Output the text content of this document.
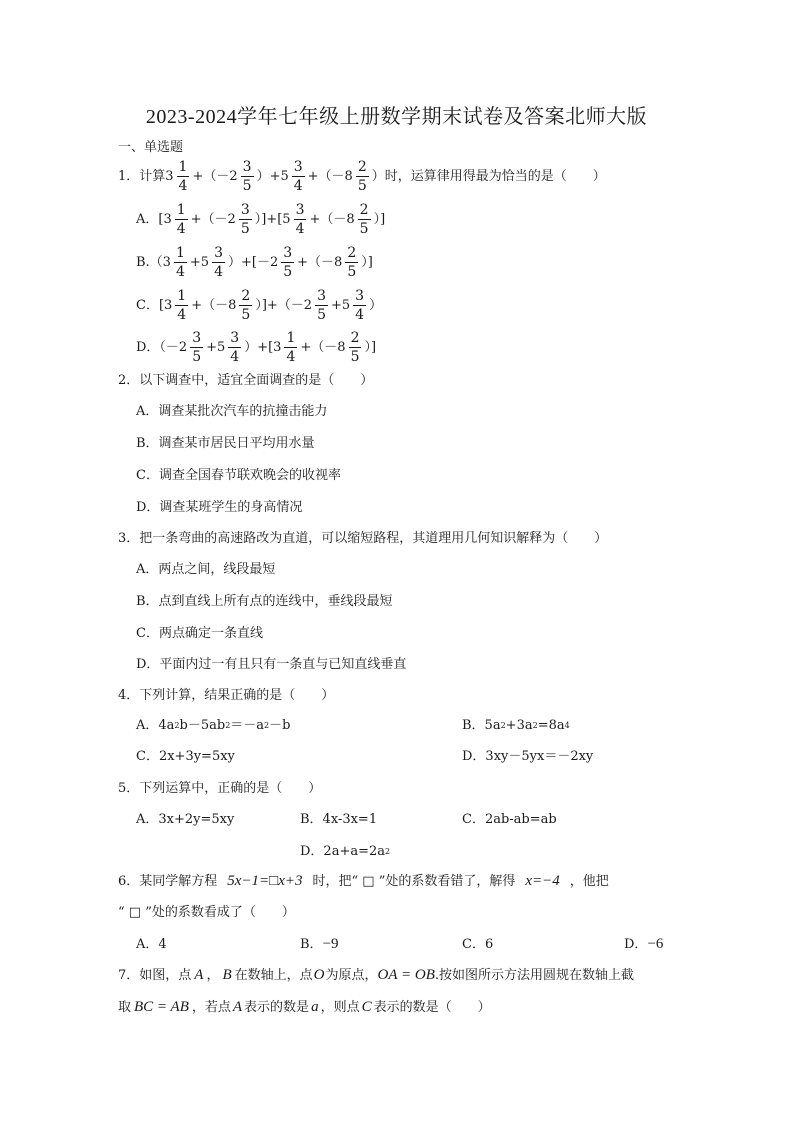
2023-2024学年七年级上册数学期末试卷及答案北师大版
一、单选题
1．计算3
1
4
+（－2
3
5
）+5
3
4
+（－8
2
5
）时，运算律用得最为恰当的是（　　）
A．[3
1
4
+（－2
3
5
）]+[5
3
4
+（－8
2
5
）]
B.（3
1
4
+5
3
4
）+[－2
3
5
+（－8
2
5
）]
C．[3
1
4
+（－8
2
5
）]+（－2
3
5
+5
3
4
）
D．（－2
3
5
+5
3
4
）+[3
1
4
+（－8
2
5
）]
2．以下调查中，适宜全面调查的是（　　）
A．调查某批次汽车的抗撞击能力
B．调查某市居民日平均用水量
C．调查全国春节联欢晚会的收视率
D．调查某班学生的身高情况
3．把一条弯曲的高速路改为直道，可以缩短路程，其道理用几何知识解释为（　　）
A．两点之间，线段最短
B．点到直线上所有点的连线中，垂线段最短
C．两点确定一条直线
D．平面内过一有且只有一条直与已知直线垂直
4．下列计算，结果正确的是（　　）
A．4a 2 b－5ab 2 ＝－a 2 －b	B．5a 2 +3a 2 =8a 4
C．2x+3y=5xy	D．3xy－5yx＝－2xy
5．下列运算中，正确的是（　　）
A．3x+2y=5xy	B．4x-3x=1	C．2ab-ab=ab
D．2a+a=2a 2
6．某同学解方程 5x−1=□x+3 时，把“ □ ”处的系数看错了，解得 x=−4 ，他把
“ □ ”处的系数看成了（　　）
A．4	B． −9	C．6	D． −6
7．如图，点 A ， B 在数轴上，点 O 为原点， OA = OB .按如图所示方法用圆规在数轴上截
取 BC = AB ，若点 A 表示的数是 a ，则点 C 表示的数是（　　）
